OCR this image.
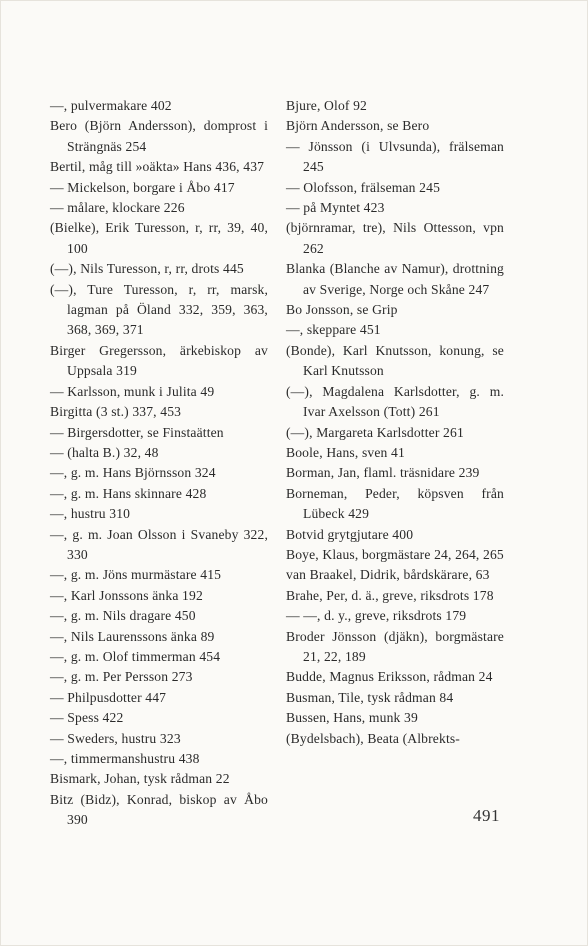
—, pulvermakare 402
Bero (Björn Andersson), domprost i Strängnäs 254
Bertil, måg till »oäkta» Hans 436, 437
— Mickelson, borgare i Åbo 417
— målare, klockare 226
(Bielke), Erik Turesson, r, rr, 39, 40, 100
(—), Nils Turesson, r, rr, drots 445
(—), Ture Turesson, r, rr, marsk, lagman på Öland 332, 359, 363, 368, 369, 371
Birger Gregersson, ärkebiskop av Uppsala 319
— Karlsson, munk i Julita 49
Birgitta (3 st.) 337, 453
— Birgersdotter, se Finstaätten
— (halta B.) 32, 48
—, g. m. Hans Björnsson 324
—, g. m. Hans skinnare 428
—, hustru 310
—, g. m. Joan Olsson i Svaneby 322, 330
—, g. m. Jöns murmästare 415
—, Karl Jonssons änka 192
—, g. m. Nils dragare 450
—, Nils Laurenssons änka 89
—, g. m. Olof timmerman 454
—, g. m. Per Persson 273
— Philpusdotter 447
— Spess 422
— Sweders, hustru 323
—, timmermanshustru 438
Bismark, Johan, tysk rådman 22
Bitz (Bidz), Konrad, biskop av Åbo 390
Bjure, Olof 92
Björn Andersson, se Bero
— Jönsson (i Ulvsunda), frälseman 245
— Olofsson, frälseman 245
— på Myntet 423
(björnramar, tre), Nils Ottesson, vpn 262
Blanka (Blanche av Namur), drottning av Sverige, Norge och Skåne 247
Bo Jonsson, se Grip
—, skeppare 451
(Bonde), Karl Knutsson, konung, se Karl Knutsson
(—), Magdalena Karlsdotter, g. m. Ivar Axelsson (Tott) 261
(—), Margareta Karlsdotter 261
Boole, Hans, sven 41
Borman, Jan, flaml. träsnidare 239
Borneman, Peder, köpsven från Lübeck 429
Botvid grytgjutare 400
Boye, Klaus, borgmästare 24, 264, 265
van Braakel, Didrik, bårdskärare, 63
Brahe, Per, d. ä., greve, riksdrots 178
— —, d. y., greve, riksdrots 179
Broder Jönsson (djäkn), borgmästare 21, 22, 189
Budde, Magnus Eriksson, rådman 24
Busman, Tile, tysk rådman 84
Bussen, Hans, munk 39
(Bydelsbach), Beata (Albrekts-
491
